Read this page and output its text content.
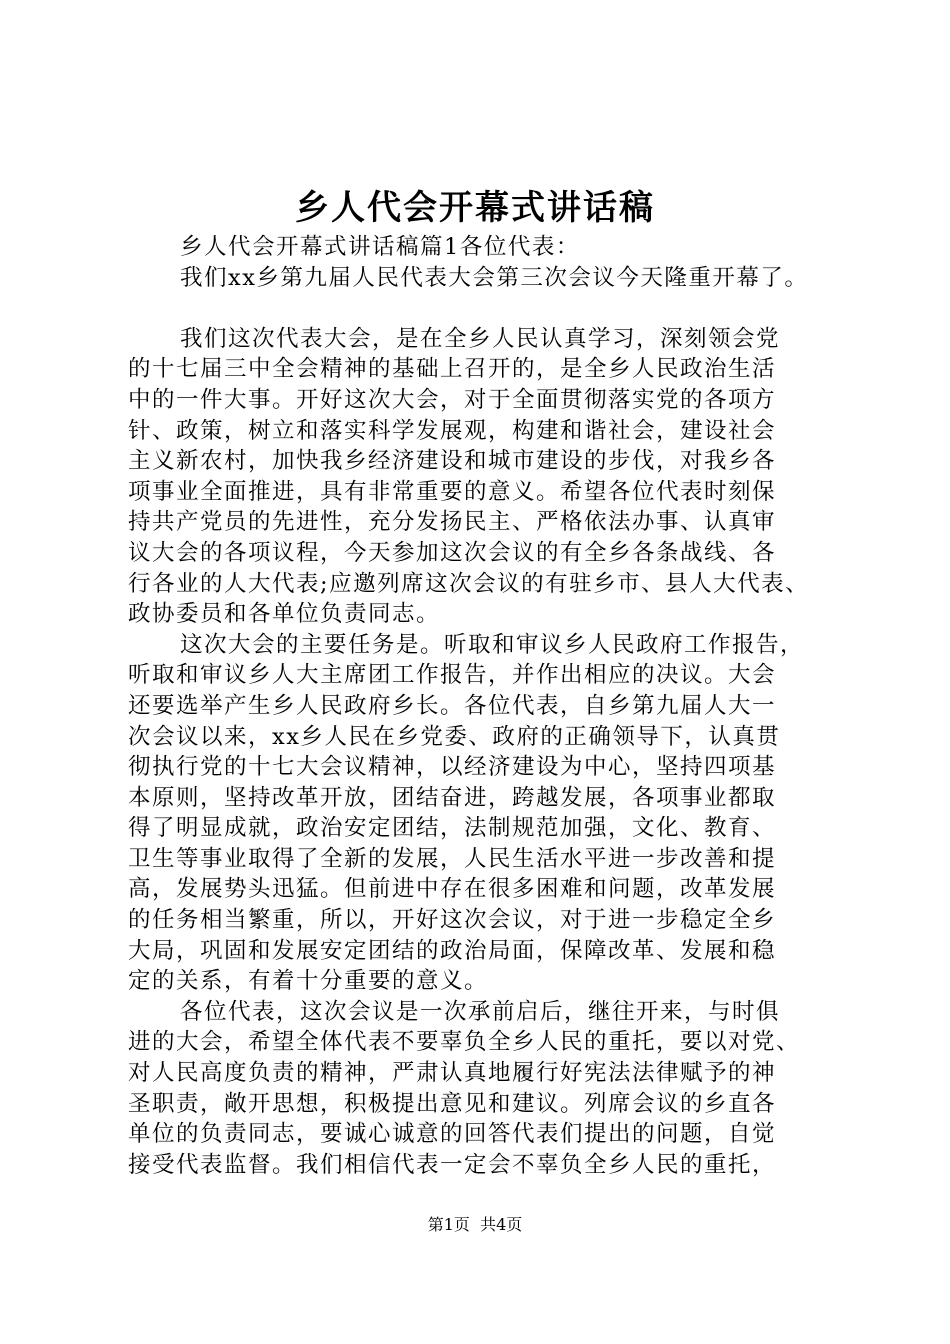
乡人代会开幕式讲话稿
乡人代会开幕式讲话稿篇1各位代表：
我们xx乡第九届人民代表大会第三次会议今天隆重开幕了。
我们这次代表大会，是在全乡人民认真学习，深刻领会党
的十七届三中全会精神的基础上召开的，是全乡人民政治生活
中的一件大事。开好这次大会，对于全面贯彻落实党的各项方
针、政策，树立和落实科学发展观，构建和谐社会，建设社会
主义新农村，加快我乡经济建设和城市建设的步伐，对我乡各
项事业全面推进，具有非常重要的意义。希望各位代表时刻保
持共产党员的先进性，充分发扬民主、严格依法办事、认真审
议大会的各项议程，今天参加这次会议的有全乡各条战线、各
行各业的人大代表;应邀列席这次会议的有驻乡市、县人大代表、
政协委员和各单位负责同志。
这次大会的主要任务是。听取和审议乡人民政府工作报告，
听取和审议乡人大主席团工作报告，并作出相应的决议。大会
还要选举产生乡人民政府乡长。各位代表，自乡第九届人大一
次会议以来，xx乡人民在乡党委、政府的正确领导下，认真贯
彻执行党的十七大会议精神，以经济建设为中心，坚持四项基
本原则，坚持改革开放，团结奋进，跨越发展，各项事业都取
得了明显成就，政治安定团结，法制规范加强，文化、教育、
卫生等事业取得了全新的发展，人民生活水平进一步改善和提
高，发展势头迅猛。但前进中存在很多困难和问题，改革发展
的任务相当繁重，所以，开好这次会议，对于进一步稳定全乡
大局，巩固和发展安定团结的政治局面，保障改革、发展和稳
定的关系，有着十分重要的意义。
各位代表，这次会议是一次承前启后，继往开来，与时俱
进的大会，希望全体代表不要辜负全乡人民的重托，要以对党、
对人民高度负责的精神，严肃认真地履行好宪法法律赋予的神
圣职责，敞开思想，积极提出意见和建议。列席会议的乡直各
单位的负责同志，要诚心诚意的回答代表们提出的问题，自觉
接受代表监督。我们相信代表一定会不辜负全乡人民的重托，
第1页  共4页
